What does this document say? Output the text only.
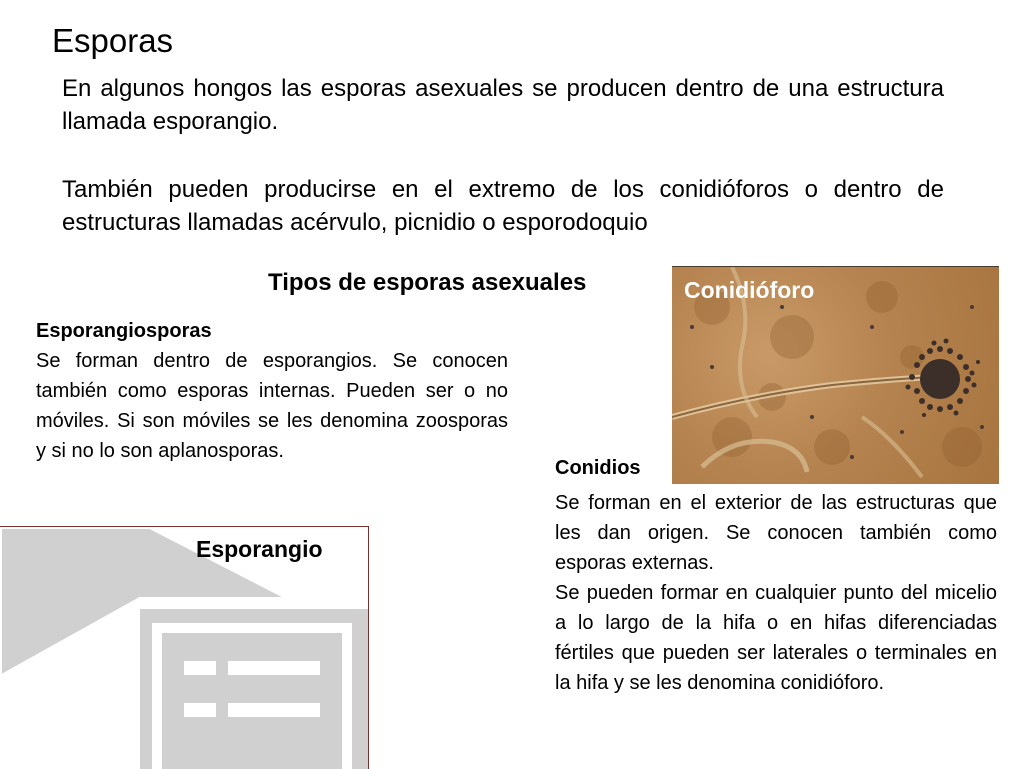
Esporas
En algunos hongos las esporas asexuales se producen dentro de una estructura llamada esporangio.
También pueden producirse en el extremo de los conidióforos o dentro de estructuras llamadas acérvulo, picnidio o esporodoquio
Tipos de esporas asexuales
Esporangiosporas
Se forman dentro de esporangios. Se conocen también como esporas internas. Pueden ser o no móviles. Si son móviles se les denomina zoosporas y si no lo son aplanosporas.
Conidióforo
Conidios
Se forman en el exterior de las estructuras que les dan origen. Se conocen también como esporas externas.
Se pueden formar en cualquier punto del micelio a lo largo de la hifa o en hifas diferenciadas fértiles que pueden ser laterales o terminales en la hifa y se les denomina conidióforo.
Esporangio
